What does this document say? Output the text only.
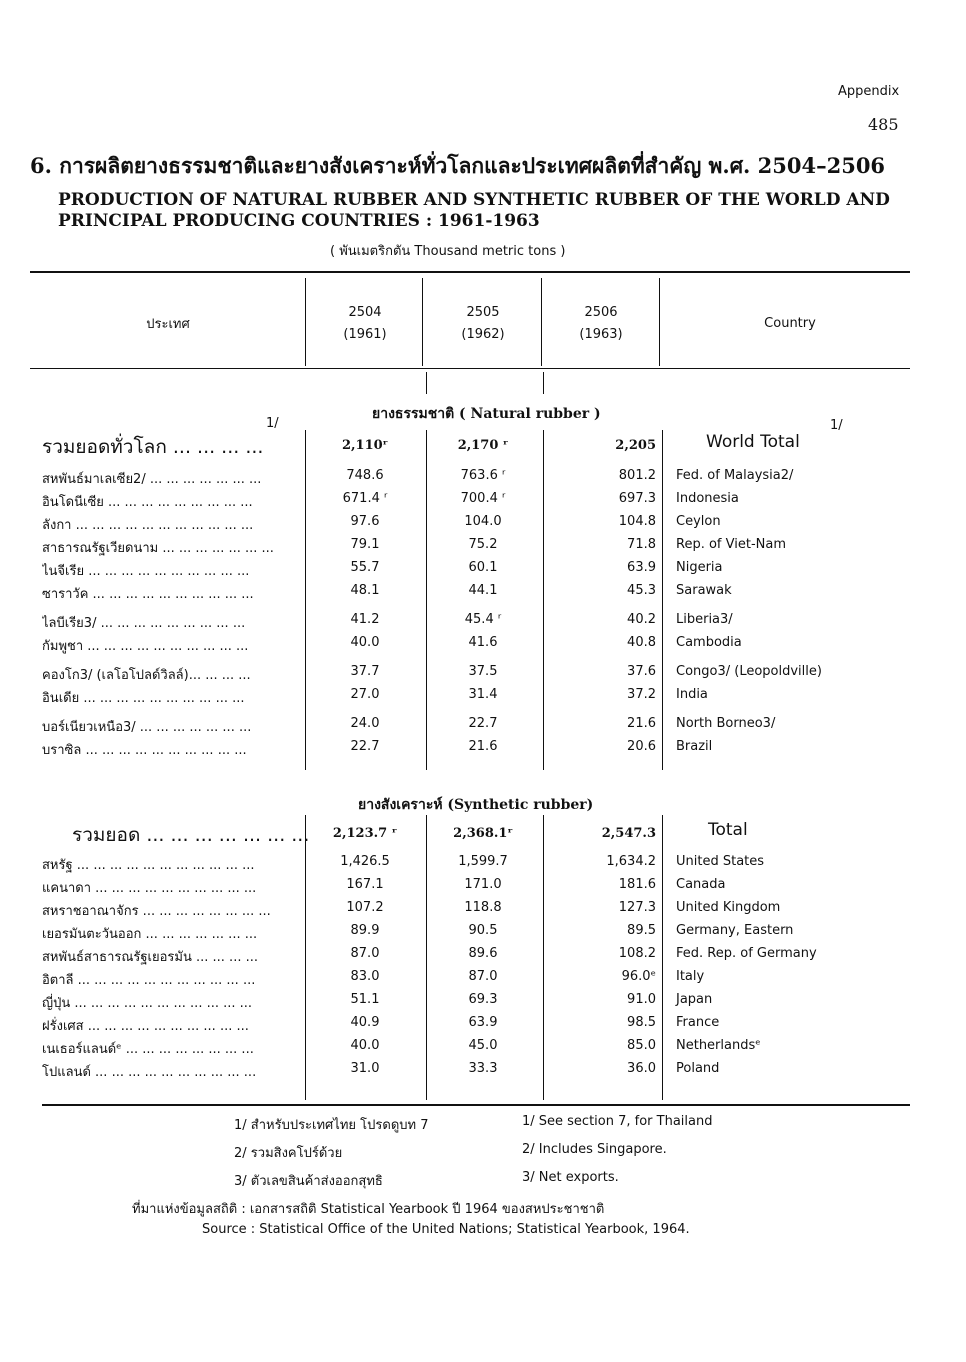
Appendix
485
6. การผลิตยางธรรมชาติและยางสังเคราะห์ทั่วโลกและประเทศผลิตที่สำคัญ พ.ศ. 2504–2506
PRODUCTION OF NATURAL RUBBER AND SYNTHETIC RUBBER OF THE WORLD AND
PRINCIPAL PRODUCING COUNTRIES : 1961-1963
( พันเมตริกตัน Thousand metric tons )
ประเทศ
2504
(1961)
2505
(1962)
2506
(1963)
Country
ยางธรรมชาติ ( Natural rubber )
รวมยอดทั่วโลก ... ... ... ...
1/
2,110ʳ	2,170 ʳ	2,205	World Total
1/
สหพันธ์มาเลเซีย2/ ... ... ... ... ... ... ...	748.6	763.6 ʳ	801.2 Fed. of Malaysia2/
อินโดนีเซีย ... ... ... ... ... ... ... ... ...	671.4 ʳ	700.4 ʳ	697.3 Indonesia
ลังกา ... ... ... ... ... ... ... ... ... ... ...	97.6	104.0	104.8 Ceylon
สาธารณรัฐเวียดนาม ... ... ... ... ... ... ...	79.1	75.2	71.8 Rep. of Viet-Nam
ไนจีเรีย ... ... ... ... ... ... ... ... ... ...	55.7	60.1	63.9 Nigeria
ซาราวัค ... ... ... ... ... ... ... ... ... ...	48.1	44.1	45.3 Sarawak
ไลบีเรีย3/ ... ... ... ... ... ... ... ... ...	41.2	45.4 ʳ	40.2 Liberia3/
กัมพูชา ... ... ... ... ... ... ... ... ... ...	40.0	41.6	40.8 Cambodia
คองโก3/ (เลโอโปลด์วิลล์)... ... ... ...	37.7	37.5	37.6 Congo3/ (Leopoldville)
อินเดีย ... ... ... ... ... ... ... ... ... ...	27.0	31.4	37.2 India
บอร์เนียวเหนือ3/ ... ... ... ... ... ... ...	24.0	22.7	21.6 North Borneo3/
บราซิล ... ... ... ... ... ... ... ... ... ...	22.7	21.6	20.6 Brazil
ยางสังเคราะห์ (Synthetic rubber)
รวมยอด ... ... ... ... ... ... ...	2,123.7 ʳ	2,368.1ʳ	2,547.3	Total
สหรัฐ ... ... ... ... ... ... ... ... ... ... ...	1,426.5	1,599.7	1,634.2 United States
แคนาดา ... ... ... ... ... ... ... ... ... ...	167.1	171.0	181.6 Canada
สหราชอาณาจักร ... ... ... ... ... ... ... ...	107.2	118.8	127.3 United Kingdom
เยอรมันตะวันออก ... ... ... ... ... ... ...	89.9	90.5	89.5 Germany, Eastern
สหพันธ์สาธารณรัฐเยอรมัน ... ... ... ...	87.0	89.6	108.2 Fed. Rep. of Germany
อิตาลี ... ... ... ... ... ... ... ... ... ... ...	83.0	87.0	96.0ᵉ Italy
ญี่ปุ่น ... ... ... ... ... ... ... ... ... ... ...	51.1	69.3	91.0 Japan
ฝรั่งเศส ... ... ... ... ... ... ... ... ... ...	40.9	63.9	98.5 France
เนเธอร์แลนด์ᵉ ... ... ... ... ... ... ... ...	40.0	45.0	85.0 Netherlandsᵉ
โปแลนด์ ... ... ... ... ... ... ... ... ... ...	31.0	33.3	36.0 Poland
1/ สำหรับประเทศไทย โปรดดูบท 7
2/ รวมสิงคโปร์ด้วย
3/ ตัวเลขสินค้าส่งออกสุทธิ
1/ See section 7, for Thailand
2/ Includes Singapore.
3/ Net exports.
ที่มาแห่งข้อมูลสถิติ : เอกสารสถิติ Statistical Yearbook ปี 1964 ของสหประชาชาติ
Source : Statistical Office of the United Nations; Statistical Yearbook, 1964.
